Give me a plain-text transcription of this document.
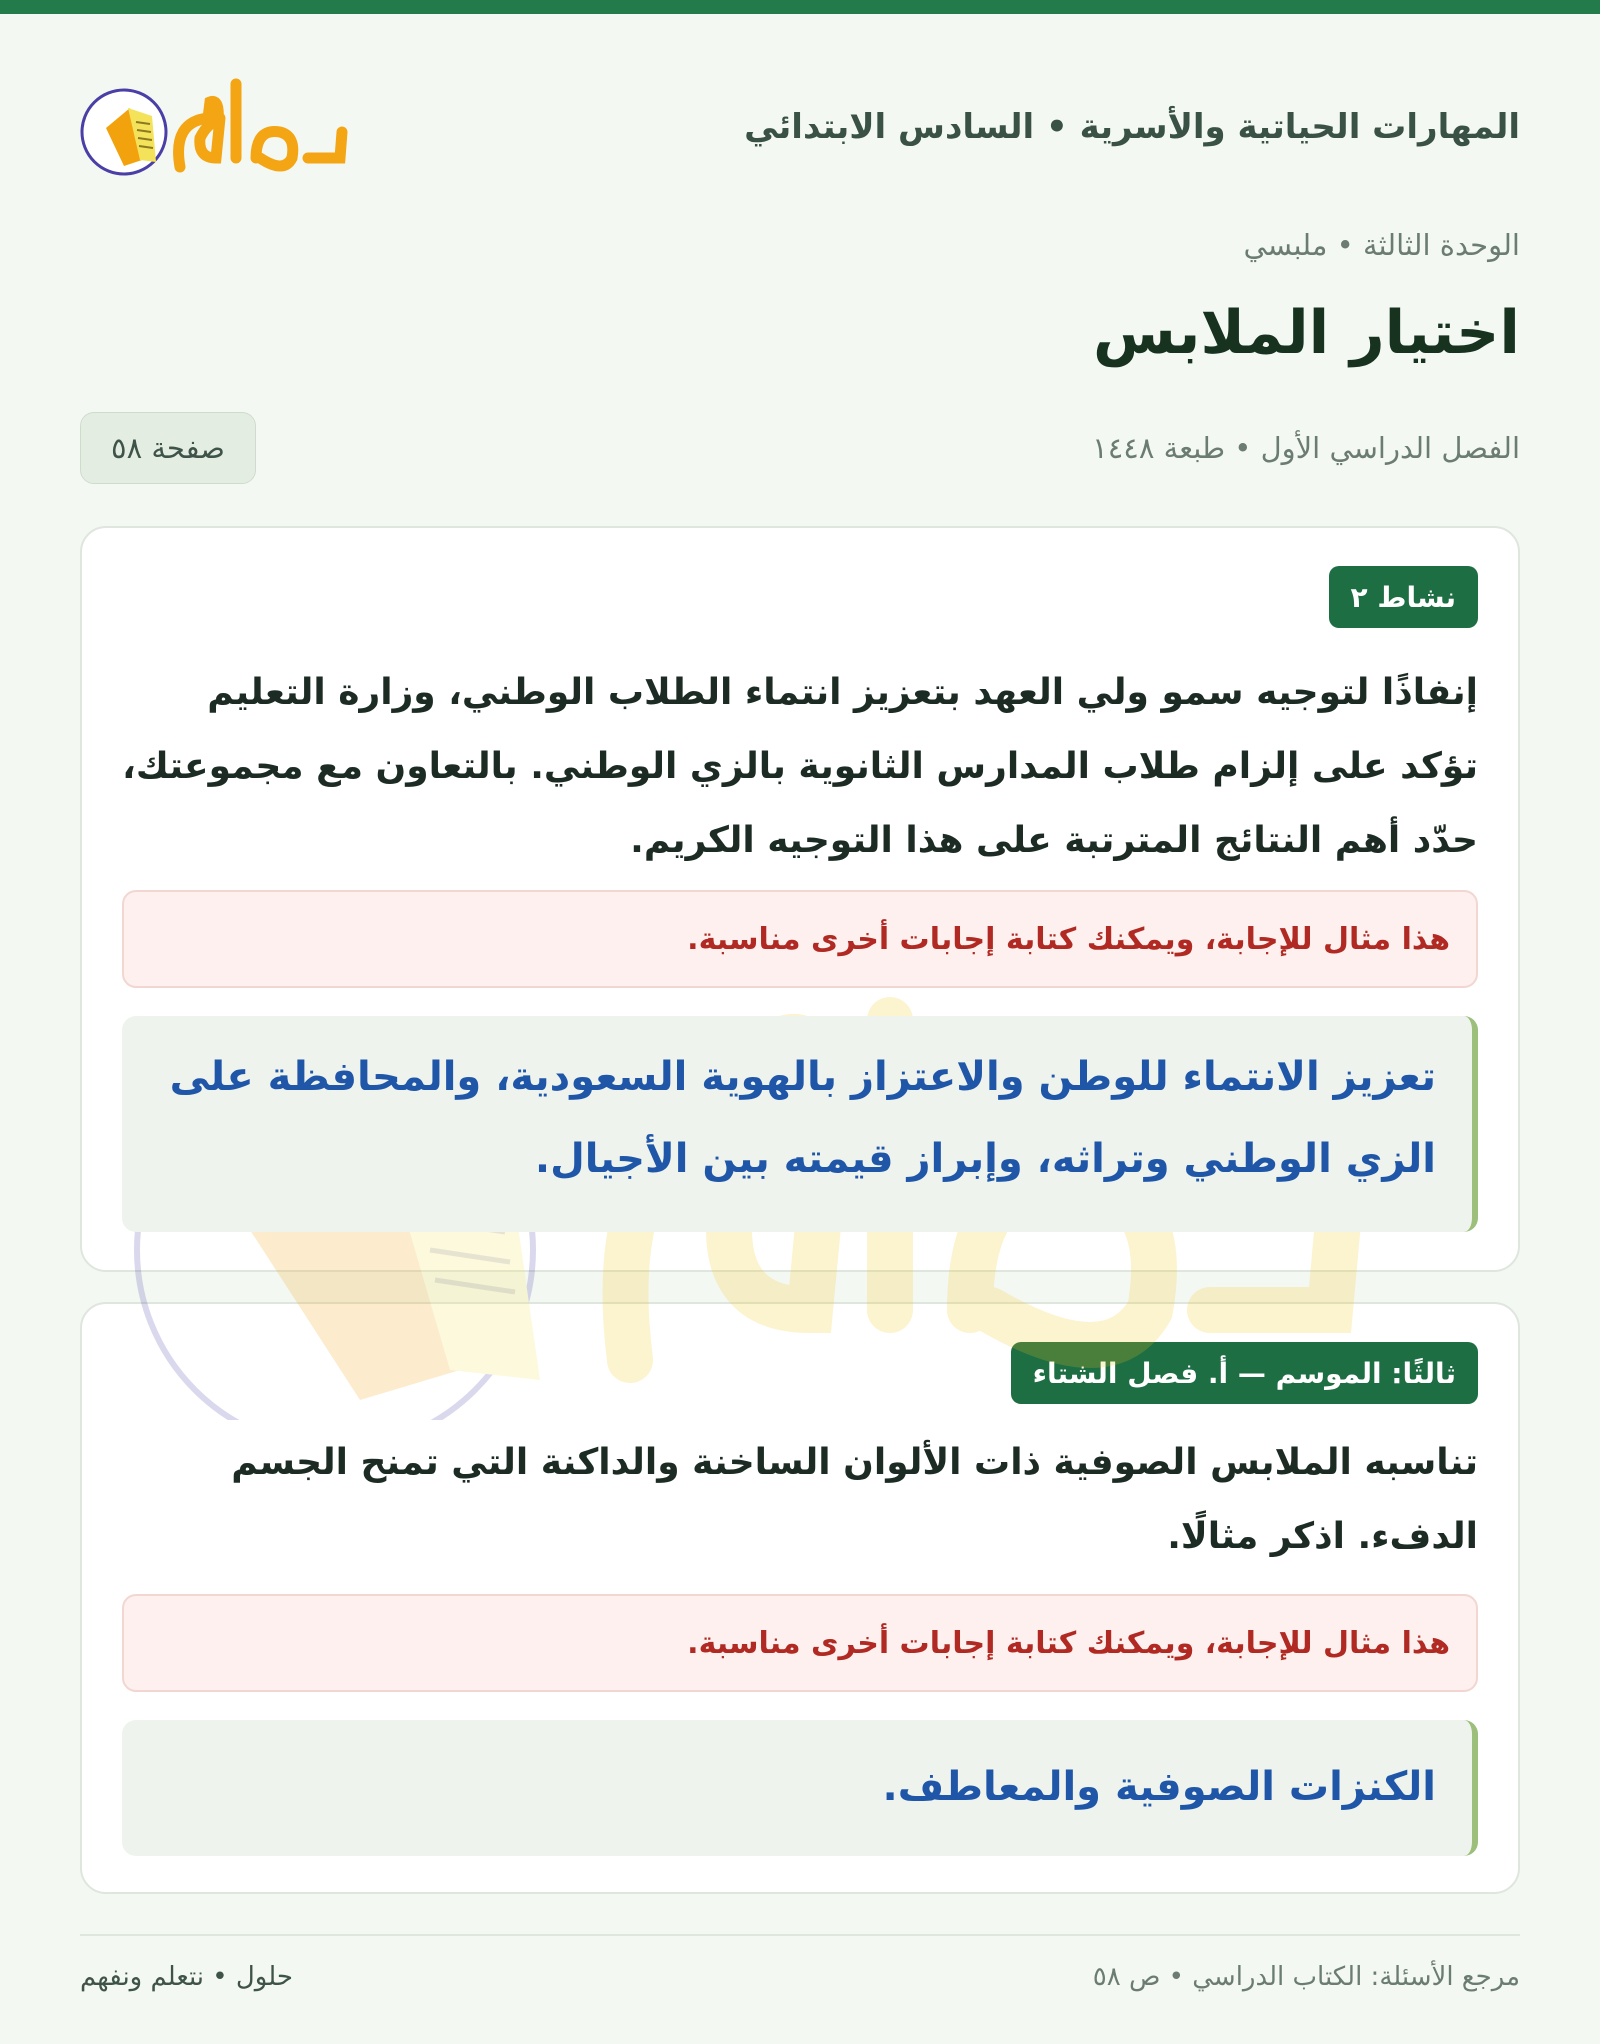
المهارات الحياتية والأسرية • السادس الابتدائي
الوحدة الثالثة • ملبسي
اختيار الملابس
الفصل الدراسي الأول • طبعة ١٤٤٨
صفحة ٥٨
نشاط ٢

إنفاذًا لتوجيه سمو ولي العهد بتعزيز انتماء الطلاب الوطني، وزارة التعليم تؤكد على إلزام طلاب المدارس الثانوية بالزي الوطني. بالتعاون مع مجموعتك، حدّد أهم النتائج المترتبة على هذا التوجيه الكريم.

هذا مثال للإجابة، ويمكنك كتابة إجابات أخرى مناسبة.
تعزيز الانتماء للوطن والاعتزاز بالهوية السعودية، والمحافظة على الزي الوطني وتراثه، وإبراز قيمته بين الأجيال.
ثالثًا: الموسم — أ. فصل الشتاء

تناسبه الملابس الصوفية ذات الألوان الساخنة والداكنة التي تمنح الجسم الدفء. اذكر مثالًا.

هذا مثال للإجابة، ويمكنك كتابة إجابات أخرى مناسبة.
الكنزات الصوفية والمعاطف.
مرجع الأسئلة: الكتاب الدراسي • ص ٥٨
حلول • نتعلم ونفهم
